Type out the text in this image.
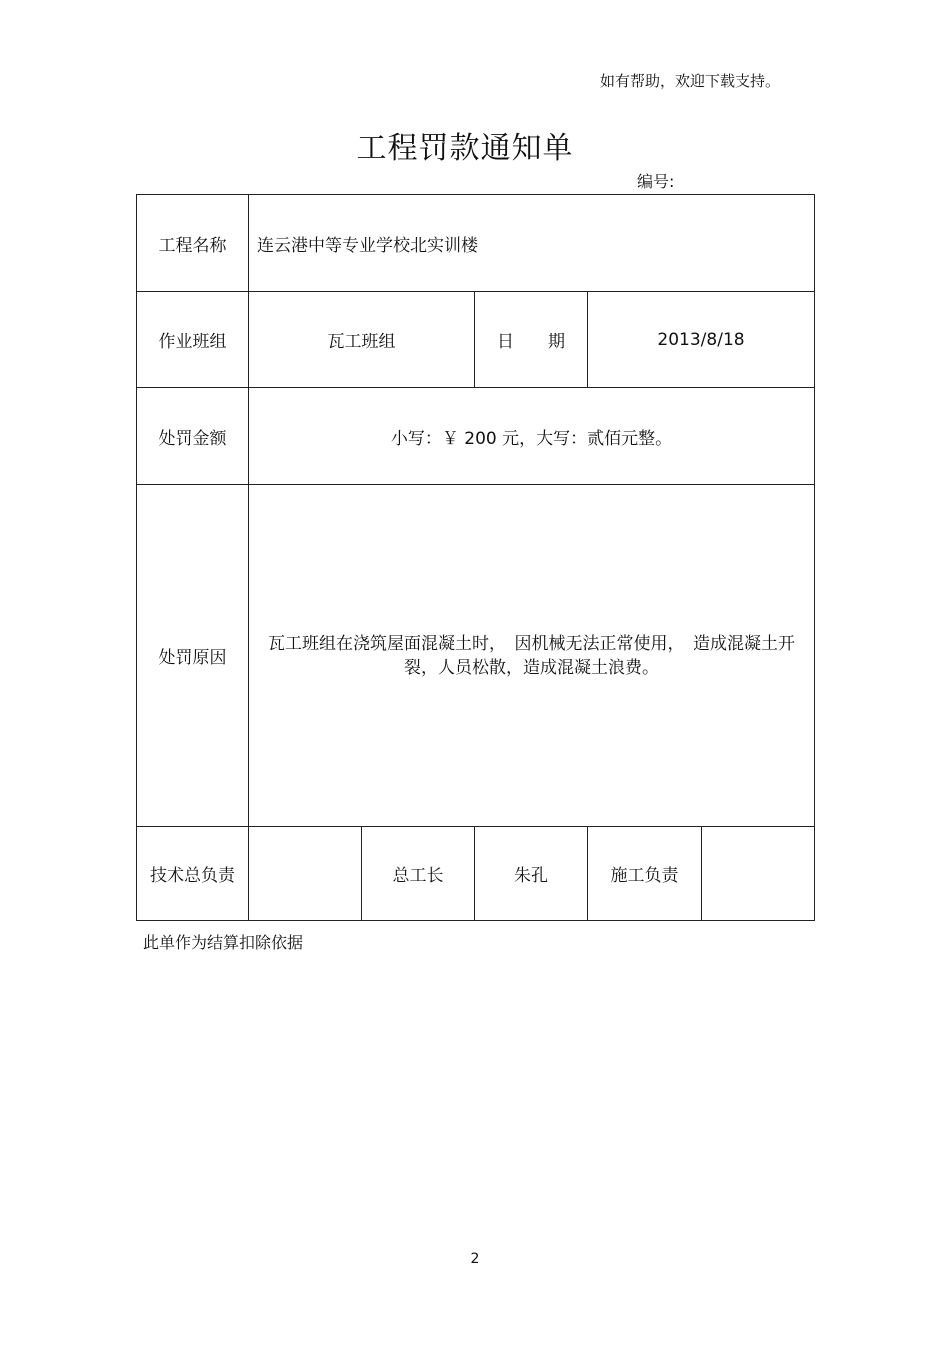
如有帮助，欢迎下载支持。
工程罚款通知单
编号:
工程名称	连云港中等专业学校北实训楼				
作业班组	瓦工班组		日　　期	2013/8/18	
处罚金额	小写：￥ 200 元，大写：贰佰元整。				
处罚原因	瓦工班组在浇筑屋面混凝土时，　因机械无法正常使用，　造成混凝土开裂，人员松散，造成混凝土浪费。				
技术总负责		总工长	朱孔	施工负责	
此单作为结算扣除依据
2
